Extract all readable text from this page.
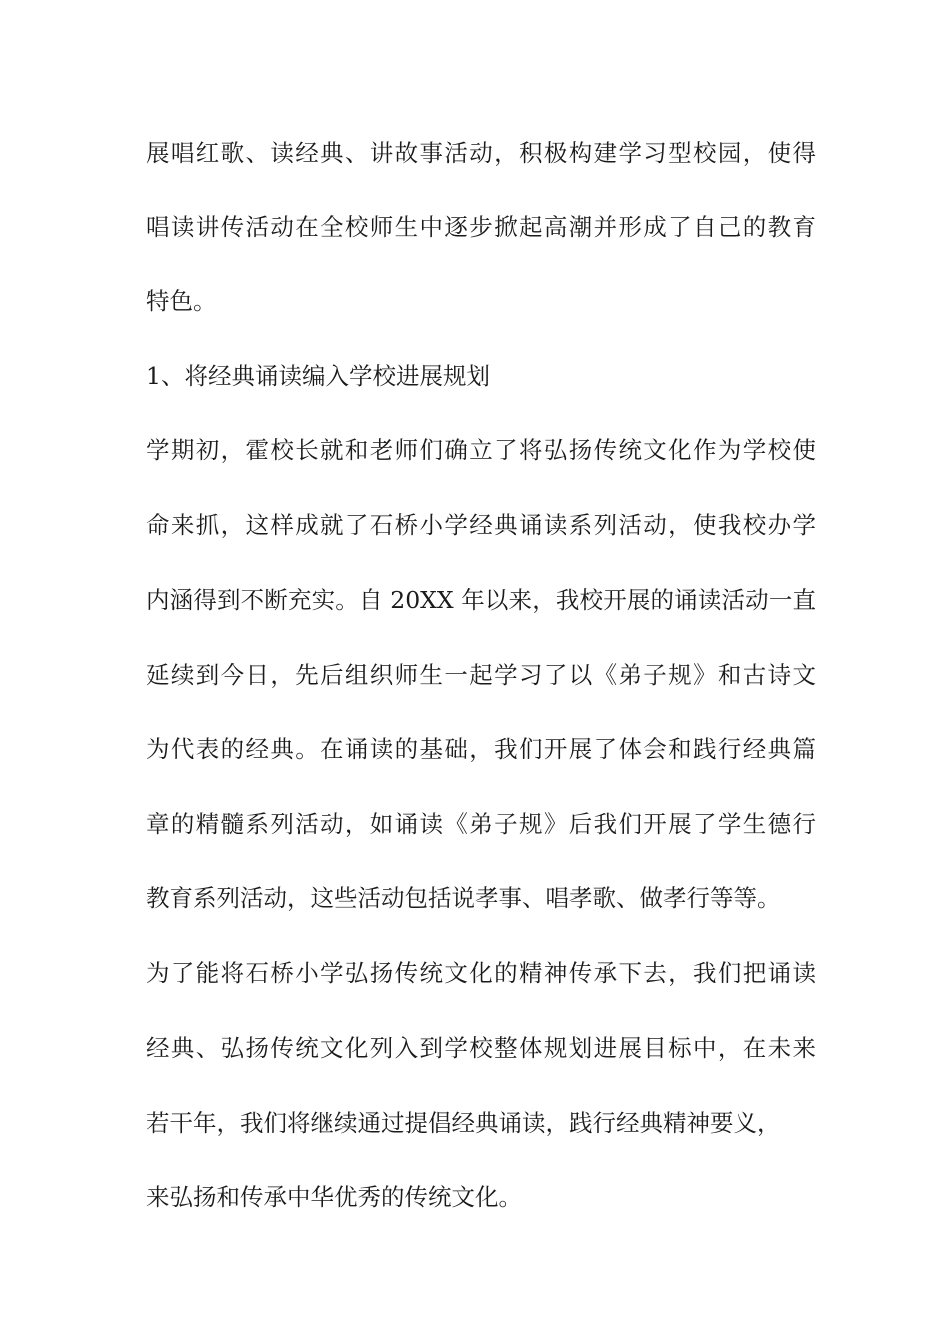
展唱红歌、读经典、讲故事活动，积极构建学习型校园，使得
唱读讲传活动在全校师生中逐步掀起高潮并形成了自己的教育
特色。
1、将经典诵读编入学校进展规划
学期初，霍校长就和老师们确立了将弘扬传统文化作为学校使
命来抓，这样成就了石桥小学经典诵读系列活动，使我校办学
内涵得到不断充实。自 20XX 年以来，我校开展的诵读活动一直
延续到今日，先后组织师生一起学习了以《弟子规》和古诗文
为代表的经典。在诵读的基础，我们开展了体会和践行经典篇
章的精髓系列活动，如诵读《弟子规》后我们开展了学生德行
教育系列活动，这些活动包括说孝事、唱孝歌、做孝行等等。
为了能将石桥小学弘扬传统文化的精神传承下去，我们把诵读
经典、弘扬传统文化列入到学校整体规划进展目标中，在未来
若干年，我们将继续通过提倡经典诵读，践行经典精神要义，
来弘扬和传承中华优秀的传统文化。
